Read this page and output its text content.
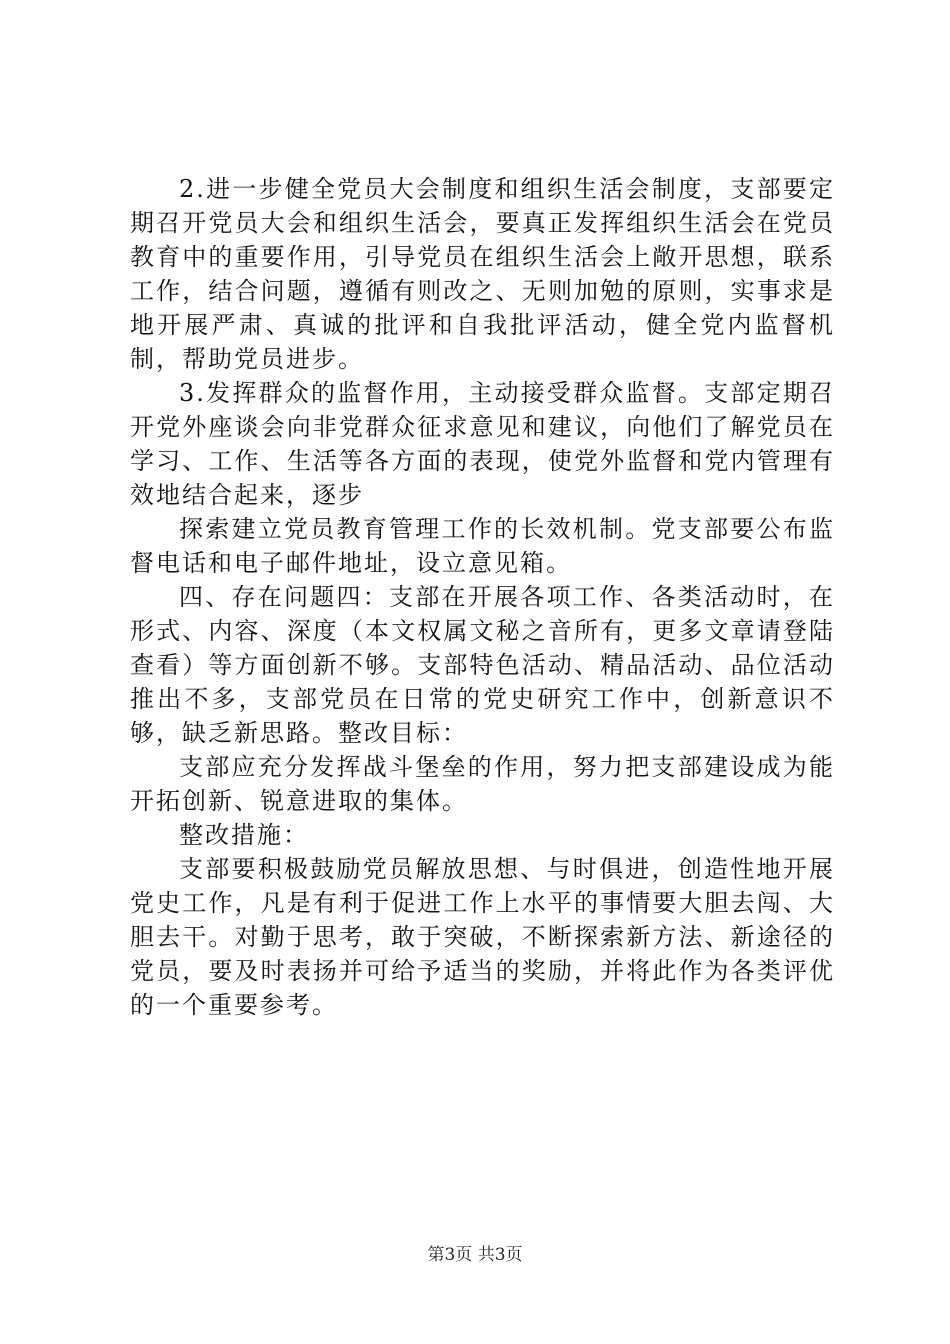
2.进一步健全党员大会制度和组织生活会制度，支部要定期召开党员大会和组织生活会，要真正发挥组织生活会在党员教育中的重要作用，引导党员在组织生活会上敞开思想，联系工作，结合问题，遵循有则改之、无则加勉的原则，实事求是地开展严肃、真诚的批评和自我批评活动，健全党内监督机制，帮助党员进步。

3.发挥群众的监督作用，主动接受群众监督。支部定期召开党外座谈会向非党群众征求意见和建议，向他们了解党员在学习、工作、生活等各方面的表现，使党外监督和党内管理有效地结合起来，逐步

探索建立党员教育管理工作的长效机制。党支部要公布监督电话和电子邮件地址，设立意见箱。

四、存在问题四：支部在开展各项工作、各类活动时，在形式、内容、深度（本文权属文秘之音所有，更多文章请登陆查看）等方面创新不够。支部特色活动、精品活动、品位活动推出不多，支部党员在日常的党史研究工作中，创新意识不够，缺乏新思路。整改目标：

支部应充分发挥战斗堡垒的作用，努力把支部建设成为能开拓创新、锐意进取的集体。

整改措施：

支部要积极鼓励党员解放思想、与时俱进，创造性地开展党史工作，凡是有利于促进工作上水平的事情要大胆去闯、大胆去干。对勤于思考，敢于突破，不断探索新方法、新途径的党员，要及时表扬并可给予适当的奖励，并将此作为各类评优的一个重要参考。

第3页 共3页
